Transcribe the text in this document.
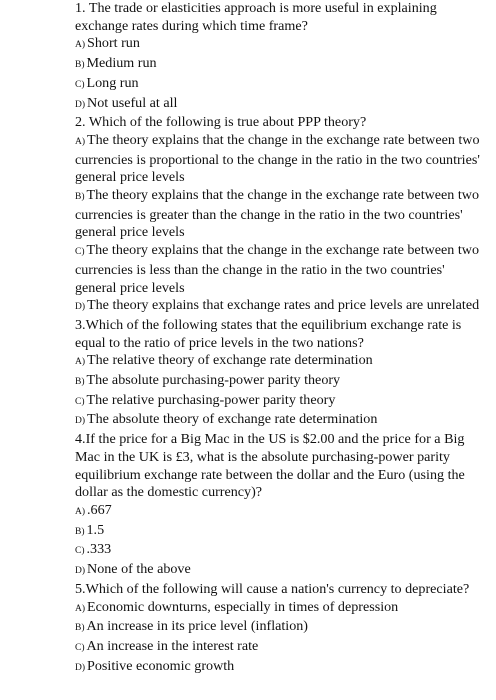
1. The trade or elasticities approach is more useful in explaining exchange rates during which time frame?

A) Short run

B) Medium run

C) Long run

D) Not useful at all

2. Which of the following is true about PPP theory?

A) The theory explains that the change in the exchange rate between two currencies is proportional to the change in the ratio in the two countries' general price levels

B) The theory explains that the change in the exchange rate between two currencies is greater than the change in the ratio in the two countries' general price levels

C) The theory explains that the change in the exchange rate between two currencies is less than the change in the ratio in the two countries' general price levels

D) The theory explains that exchange rates and price levels are unrelated

3.Which of the following states that the equilibrium exchange rate is equal to the ratio of price levels in the two nations?

A) The relative theory of exchange rate determination

B) The absolute purchasing-power parity theory

C) The relative purchasing-power parity theory

D) The absolute theory of exchange rate determination

4.If the price for a Big Mac in the US is $2.00 and the price for a Big Mac in the UK is £3, what is the absolute purchasing-power parity equilibrium exchange rate between the dollar and the Euro (using the dollar as the domestic currency)?

A) .667

B) 1.5

C) .333

D) None of the above

5.Which of the following will cause a nation's currency to depreciate?

A) Economic downturns, especially in times of depression

B) An increase in its price level (inflation)

C) An increase in the interest rate

D) Positive economic growth
